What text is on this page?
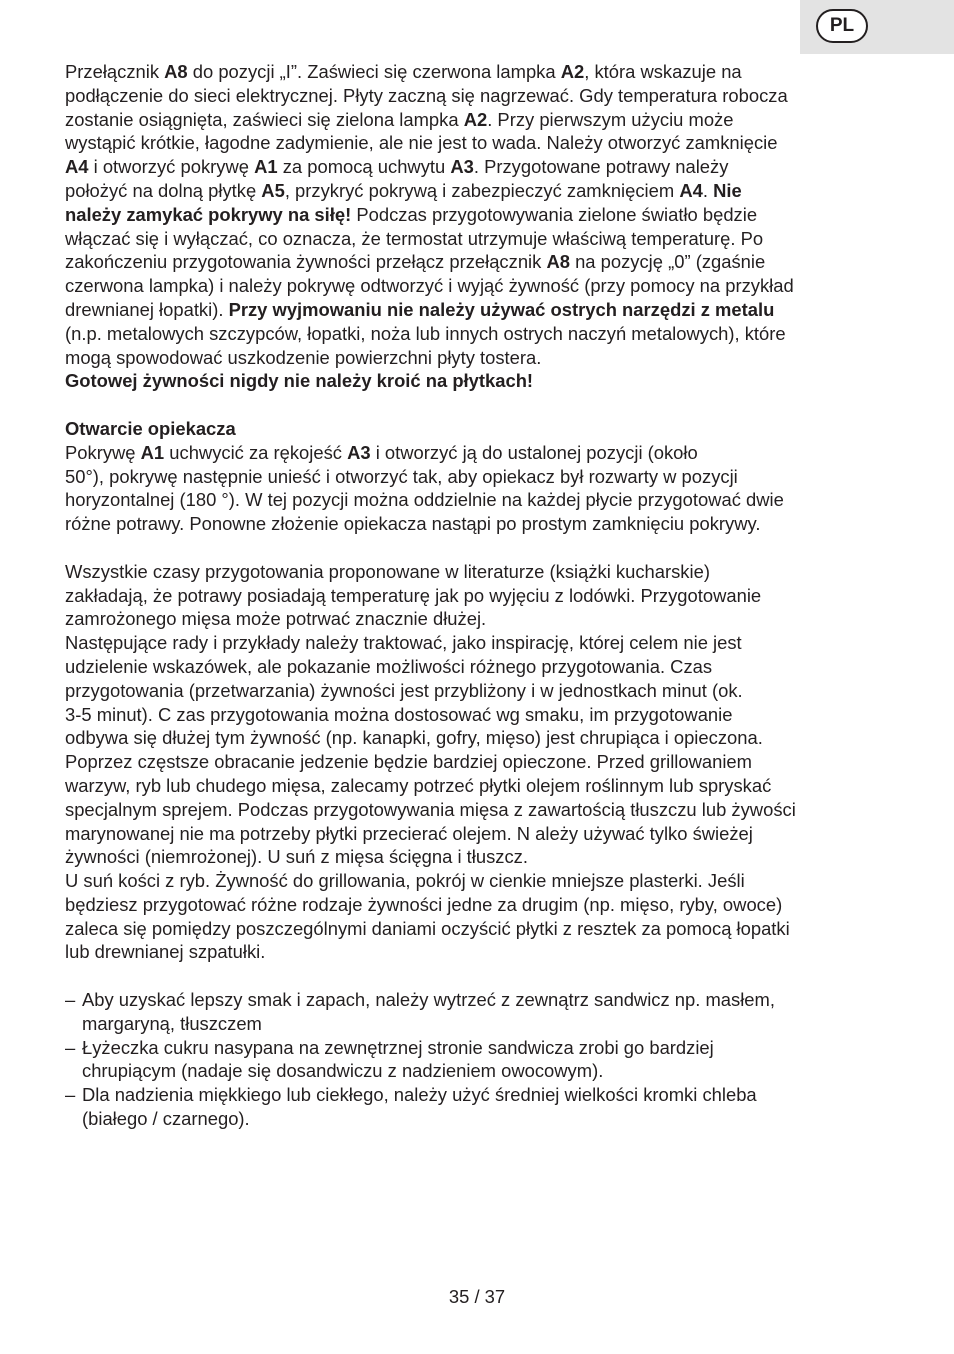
PL

Przełącznik A8 do pozycji „I”. Zaświeci się czerwona lampka A2, która wskazuje na

podłączenie do sieci elektrycznej. Płyty zaczną się nagrzewać. Gdy temperatura robocza

zostanie osiągnięta, zaświeci się zielona lampka A2. Przy pierwszym użyciu może

wystąpić krótkie, łagodne zadymienie, ale nie jest to wada. Należy otworzyć zamknięcie

A4 i otworzyć pokrywę A1 za pomocą uchwytu A3. Przygotowane potrawy należy

położyć na dolną płytkę A5, przykryć pokrywą i zabezpieczyć zamknięciem A4. Nie

należy zamykać pokrywy na siłę! Podczas przygotowywania zielone światło będzie

włączać się i wyłączać, co oznacza, że termostat utrzymuje właściwą temperaturę. Po

zakończeniu przygotowania żywności przełącz przełącznik A8 na pozycję „0” (zgaśnie

czerwona lampka) i należy pokrywę odtworzyć i wyjąć żywność (przy pomocy na przykład

drewnianej łopatki). Przy wyjmowaniu nie należy używać ostrych narzędzi z metalu

(n.p. metalowych szczypców, łopatki, noża lub innych ostrych naczyń metalowych), które

mogą spowodować uszkodzenie powierzchni płyty tostera.

Gotowej żywności nigdy nie należy kroić na płytkach!

Otwarcie opiekacza

Pokrywę A1 uchwycić za rękojeść A3 i otworzyć ją do ustalonej pozycji (około

50°), pokrywę następnie unieść i otworzyć tak, aby opiekacz był rozwarty w pozycji

horyzontalnej (180 °). W tej pozycji można oddzielnie na każdej płycie przygotować dwie

różne potrawy. Ponowne złożenie opiekacza nastąpi po prostym zamknięciu pokrywy.

Wszystkie czasy przygotowania proponowane w literaturze (książki kucharskie)

zakładają, że potrawy posiadają temperaturę jak po wyjęciu z lodówki. Przygotowanie

zamrożonego mięsa może potrwać znacznie dłużej.

Następujące rady i przykłady należy traktować, jako inspirację, której celem nie jest

udzielenie wskazówek, ale pokazanie możliwości różnego przygotowania. Czas

przygotowania (przetwarzania) żywności jest przybliżony i w jednostkach minut (ok.

3-5 minut). C zas przygotowania można dostosować wg smaku, im przygotowanie

odbywa się dłużej tym żywność (np. kanapki, gofry, mięso) jest chrupiąca i opieczona.

Poprzez częstsze obracanie jedzenie będzie bardziej opieczone. Przed grillowaniem

warzyw, ryb lub chudego mięsa, zalecamy potrzeć płytki olejem roślinnym lub spryskać

specjalnym sprejem. Podczas przygotowywania mięsa z zawartością tłuszczu lub żywości

marynowanej nie ma potrzeby płytki przecierać olejem. N ależy używać tylko świeżej

żywności (niemrożonej). U suń z mięsa ścięgna i tłuszcz.

U suń kości z ryb. Żywność do grillowania, pokrój w cienkie mniejsze plasterki. Jeśli

będziesz przygotować różne rodzaje żywności jedne za drugim (np. mięso, ryby, owoce)

zaleca się pomiędzy poszczególnymi daniami oczyścić płytki z resztek za pomocą łopatki

lub drewnianej szpatułki.

– Aby uzyskać lepszy smak i zapach, należy wytrzeć z zewnątrz sandwicz np. masłem,
margaryną, tłuszczem
– Łyżeczka cukru nasypana na zewnętrznej stronie sandwicza zrobi go bardziej
chrupiącym (nadaje się dosandwiczu z nadzieniem owocowym).
– Dla nadzienia miękkiego lub ciekłego, należy użyć średniej wielkości kromki chleba
(białego / czarnego).
35 / 37
